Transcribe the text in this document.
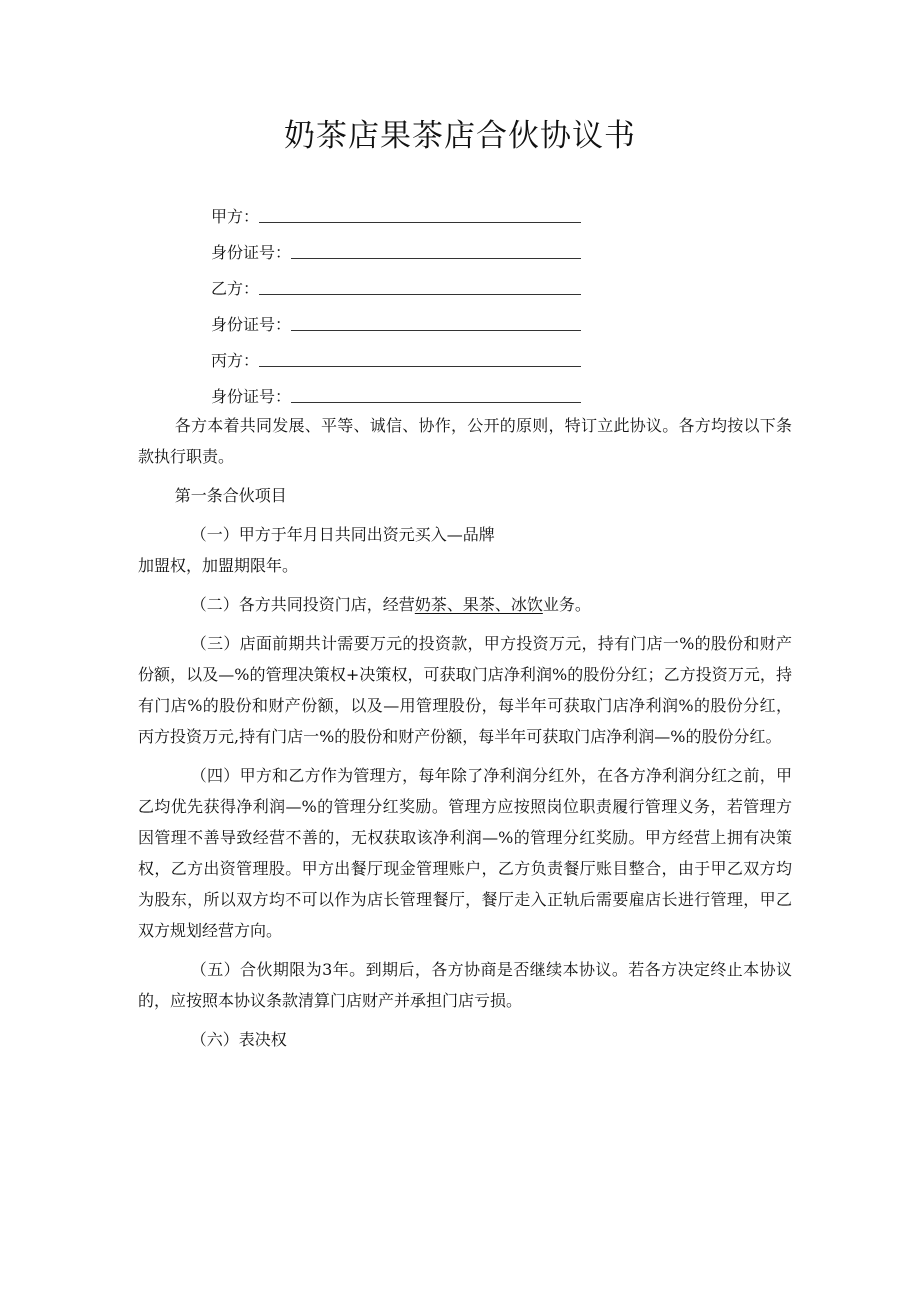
奶茶店果茶店合伙协议书
甲方：
身份证号：
乙方：
身份证号：
丙方：
身份证号：

各方本着共同发展、平等、诚信、协作，公开的原则，特订立此协议。各方均按以下条款执行职责。

第一条合伙项目

（一）甲方于年月日共同出资元买入—品牌

加盟权，加盟期限年。

（二）各方共同投资门店，经营奶茶、果茶、冰饮业务。

（三）店面前期共计需要万元的投资款，甲方投资万元，持有门店一%的股份和财产份额，以及—%的管理决策权+决策权，可获取门店净利润%的股份分红；乙方投资万元，持有门店%的股份和财产份额，以及—用管理股份，每半年可获取门店净利润%的股份分红，丙方投资万元,持有门店一%的股份和财产份额，每半年可获取门店净利润—%的股份分红。

（四）甲方和乙方作为管理方，每年除了净利润分红外，在各方净利润分红之前，甲乙均优先获得净利润—%的管理分红奖励。管理方应按照岗位职责履行管理义务，若管理方因管理不善导致经营不善的，无权获取该净利润—%的管理分红奖励。甲方经营上拥有决策权，乙方出资管理股。甲方出餐厅现金管理账户，乙方负责餐厅账目整合，由于甲乙双方均为股东，所以双方均不可以作为店长管理餐厅，餐厅走入正轨后需要雇店长进行管理，甲乙双方规划经营方向。

（五）合伙期限为3年。到期后，各方协商是否继续本协议。若各方决定终止本协议的，应按照本协议条款清算门店财产并承担门店亏损。

（六）表决权
